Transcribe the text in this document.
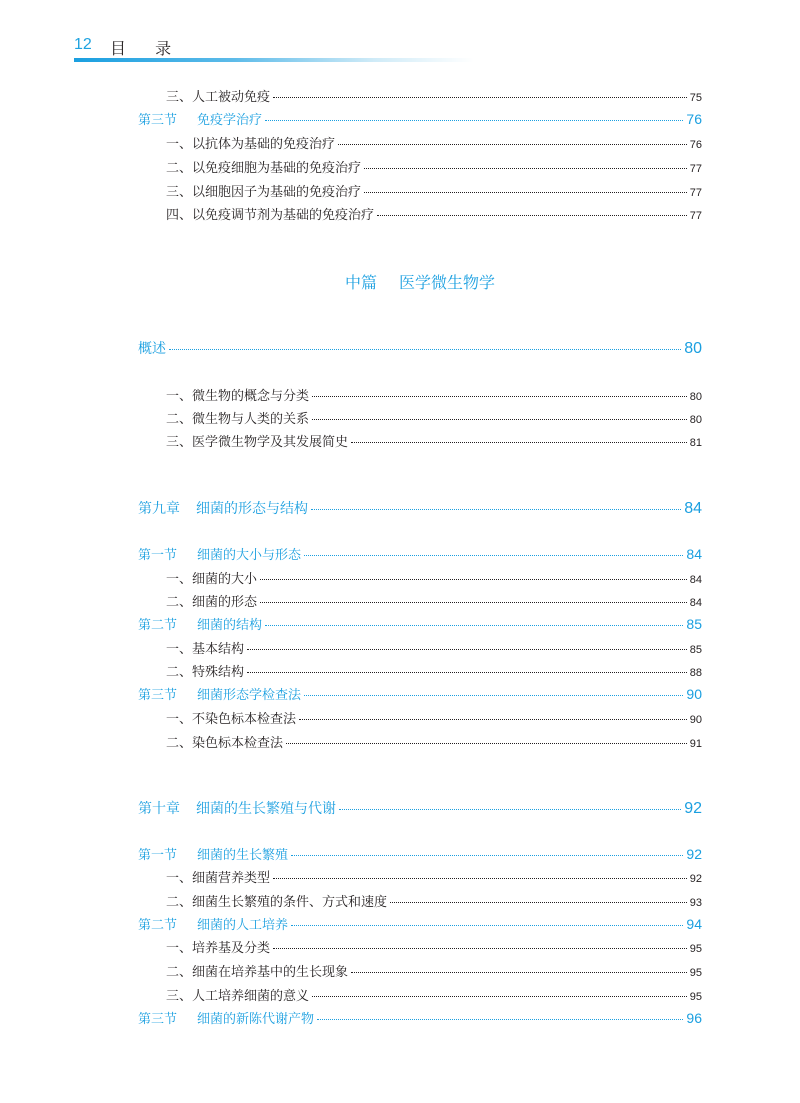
12 目 录
三、人工被动免疫	75
第三节 免疫学治疗	76
一、以抗体为基础的免疫治疗	76
二、以免疫细胞为基础的免疫治疗	77
三、以细胞因子为基础的免疫治疗	77
四、以免疫调节剂为基础的免疫治疗	77
中篇 医学微生物学
概述	80
一、微生物的概念与分类	80
二、微生物与人类的关系	80
三、医学微生物学及其发展简史	81
第九章 细菌的形态与结构	84
第一节 细菌的大小与形态	84
一、细菌的大小	84
二、细菌的形态	84
第二节 细菌的结构	85
一、基本结构	85
二、特殊结构	88
第三节 细菌形态学检查法	90
一、不染色标本检查法	90
二、染色标本检查法	91
第十章 细菌的生长繁殖与代谢	92
第一节 细菌的生长繁殖	92
一、细菌营养类型	92
二、细菌生长繁殖的条件、方式和速度	93
第二节 细菌的人工培养	94
一、培养基及分类	95
二、细菌在培养基中的生长现象	95
三、人工培养细菌的意义	95
第三节 细菌的新陈代谢产物	96
